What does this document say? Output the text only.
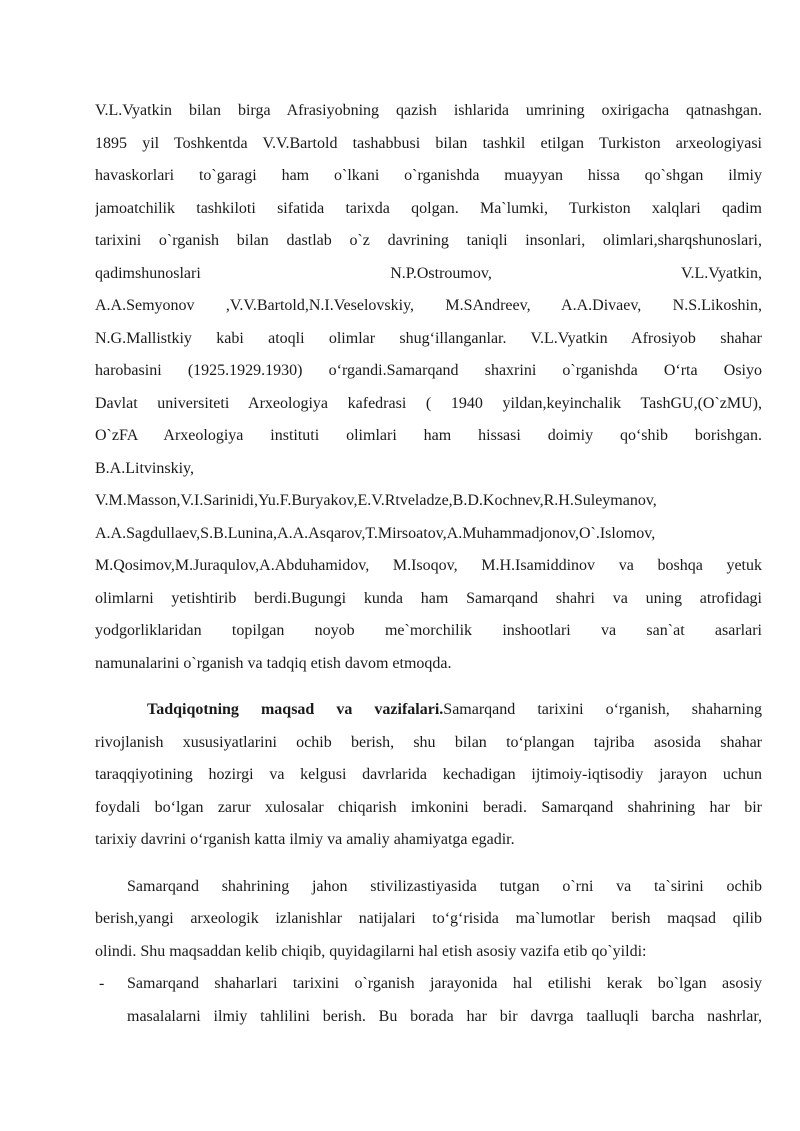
V.L.Vyatkin bilan birga Afrasiyobning qazish ishlarida umrining oxirigacha qatnashgan.
1895 yil Toshkentda V.V.Bartold tashabbusi bilan tashkil etilgan Turkiston arxeologiyasi
havaskorlari to`garagi ham o`lkani o`rganishda muayyan hissa qo`shgan ilmiy
jamoatchilik tashkiloti sifatida tarixda qolgan. Ma`lumki, Turkiston xalqlari qadim
tarixini o`rganish bilan dastlab o`z davrining taniqli insonlari, olimlari,sharqshunoslari,
qadimshunoslari N.P.Ostroumov, V.L.Vyatkin,
A.A.Semyonov ,V.V.Bartold,N.I.Veselovskiy, M.SAndreev, A.A.Divaev, N.S.Likoshin,
N.G.Mallistkiy kabi atoqli olimlar shug‘illanganlar. V.L.Vyatkin Afrosiyob shahar
harobasini (1925.1929.1930) o‘rgandi.Samarqand shaxrini o`rganishda O‘rta Osiyo
Davlat universiteti Arxeologiya kafedrasi ( 1940 yildan,keyinchalik TashGU,(O`zMU),
O`zFA Arxeologiya instituti olimlari ham hissasi doimiy qo‘shib borishgan.
B.A.Litvinskiy,
V.M.Masson,V.I.Sarinidi,Yu.F.Buryakov,E.V.Rtveladze,B.D.Kochnev,R.H.Suleymanov,
A.A.Sagdullaev,S.B.Lunina,A.A.Asqarov,T.Mirsoatov,A.Muhammadjonov,O`.Islomov,
M.Qosimov,M.Juraqulov,A.Abduhamidov, M.Isoqov, M.H.Isamiddinov va boshqa yetuk
olimlarni yetishtirib berdi.Bugungi kunda ham Samarqand shahri va uning atrofidagi
yodgorliklaridan topilgan noyob me`morchilik inshootlari va san`at asarlari
namunalarini o`rganish va tadqiq etish davom etmoqda.
Tadqiqotning maqsad va vazifalari.Samarqand tarixini o‘rganish, shaharning
rivojlanish xususiyatlarini ochib berish, shu bilan to‘plangan tajriba asosida shahar
taraqqiyotining hozirgi va kelgusi davrlarida kechadigan ijtimoiy-iqtisodiy jarayon uchun
foydali bo‘lgan zarur xulosalar chiqarish imkonini beradi. Samarqand shahrining har bir
tarixiy davrini o‘rganish katta ilmiy va amaliy ahamiyatga egadir.
Samarqand shahrining jahon stivilizastiyasida tutgan o`rni va ta`sirini ochib
berish,yangi arxeologik izlanishlar natijalari to‘g‘risida ma`lumotlar berish maqsad qilib
olindi. Shu maqsaddan kelib chiqib, quyidagilarni hal etish asosiy vazifa etib qo`yildi:
- Samarqand shaharlari tarixini o`rganish jarayonida hal etilishi kerak bo`lgan asosiy
masalalarni ilmiy tahlilini berish. Bu borada har bir davrga taalluqli barcha nashrlar,
